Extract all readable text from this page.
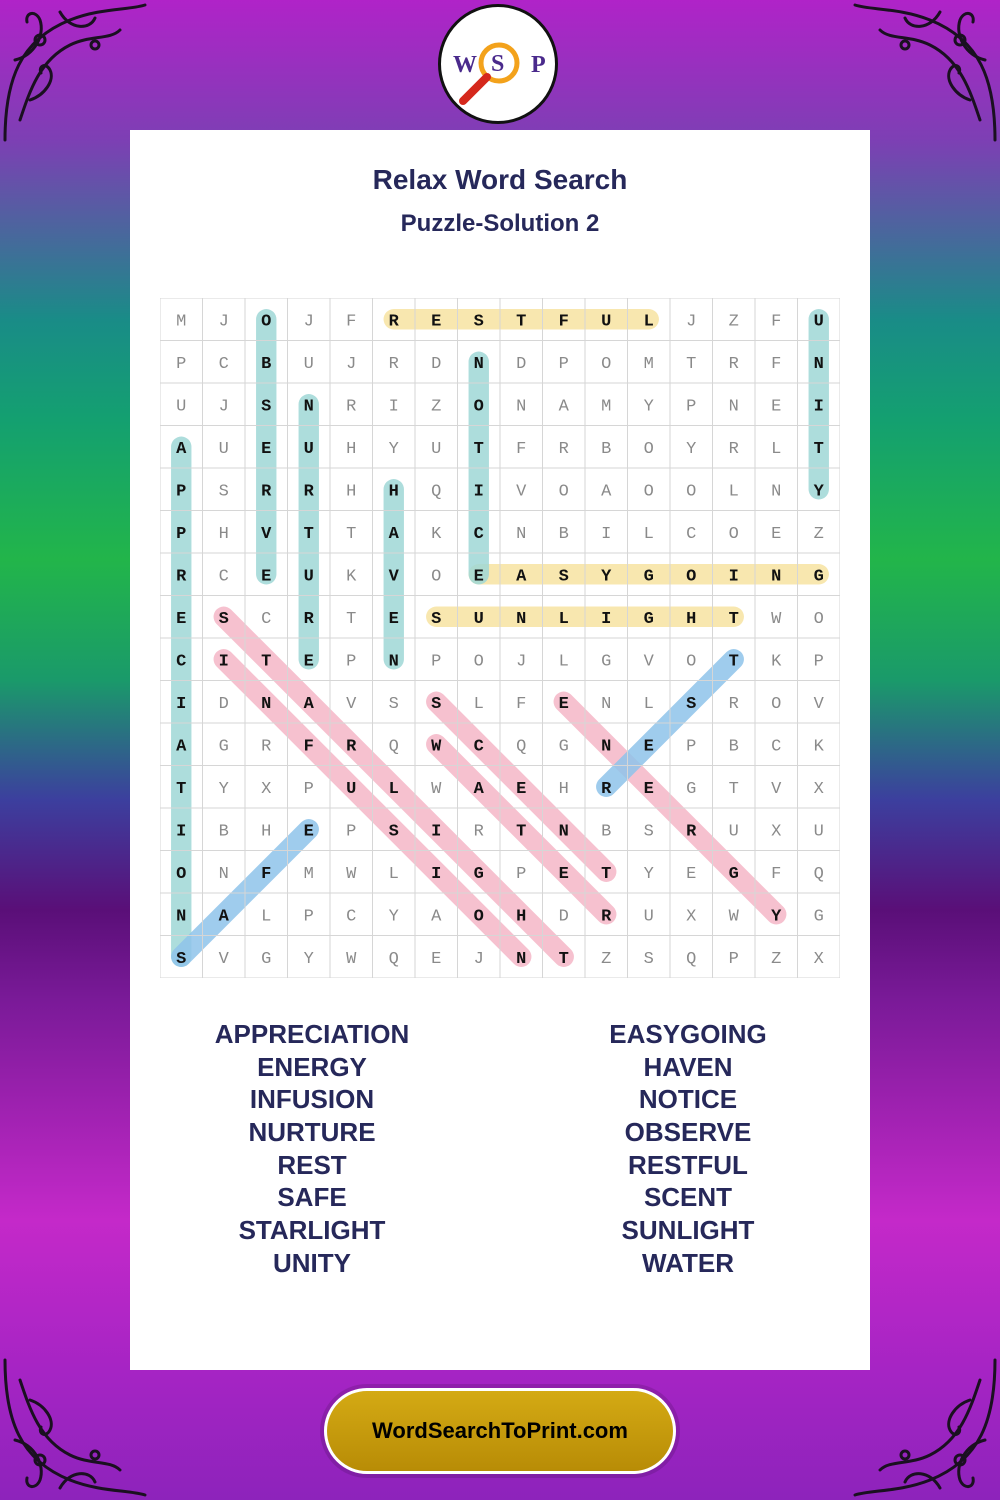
Relax Word Search
Puzzle-Solution 2
M J O J F R E S T F U L J Z F U
P C B U J R D N D P O M T R F N
U J S N R I Z O N A M Y P N E I
A U E U H Y U T F R B O Y R L T
P S R R H H Q I V O A O O L N Y
P H V T T A K C N B I L C O E Z
R C E U K V O E A S Y G O I N G
E S C R T E S U N L I G H T W O
C I T E P N P O J L G V O T K P
I D N A V S S L F E N L S R O V
A G R F R Q W C Q G N E P B C K
T Y X P U L W A E H R E G T V X
I B H E P S I R T N B S R U X U
O N F M W L I G P E T Y E G F Q
N A L P C Y A O H D R U X W Y G
S V G Y W Q E J N T Z S Q P Z X
APPRECIATION
ENERGY
INFUSION
NURTURE
REST
SAFE
STARLIGHT
UNITY
EASYGOING
HAVEN
NOTICE
OBSERVE
RESTFUL
SCENT
SUNLIGHT
WATER
W S P
WordSearchToPrint.com
